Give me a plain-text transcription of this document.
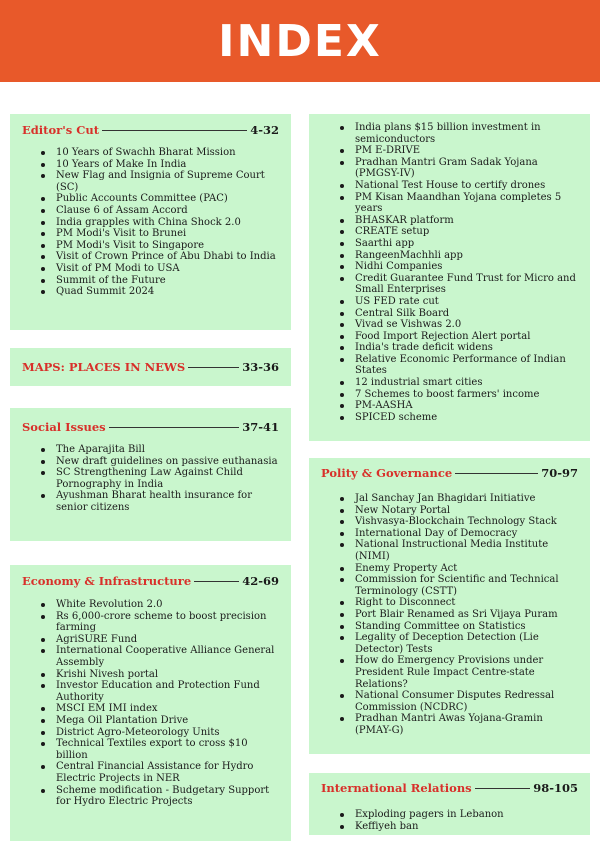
INDEX
Editor's Cut	4-32
10 Years of Swachh Bharat Mission
10 Years of Make In India
New Flag and Insignia of Supreme Court (SC)
Public Accounts Committee (PAC)
Clause 6 of Assam Accord
India grapples with China Shock 2.0
PM Modi's Visit to Brunei
PM Modi's Visit to Singapore
Visit of Crown Prince of Abu Dhabi to India
Visit of PM Modi to USA
Summit of the Future
Quad Summit 2024
MAPS: PLACES IN NEWS	33-36
Social Issues	37-41
The Aparajita Bill
New draft guidelines on passive euthanasia
SC Strengthening Law Against Child Pornography in India
Ayushman Bharat health insurance for senior citizens
Economy & Infrastructure	42-69
White Revolution 2.0
Rs 6,000-crore scheme to boost precision farming
AgriSURE Fund
International Cooperative Alliance General Assembly
Krishi Nivesh portal
Investor Education and Protection Fund Authority
MSCI EM IMI index
Mega Oil Plantation Drive
District Agro-Meteorology Units
Technical Textiles export to cross $10 billion
Central Financial Assistance for Hydro Electric Projects in NER
Scheme modification - Budgetary Support for Hydro Electric Projects
India plans $15 billion investment in semiconductors
PM E-DRIVE
Pradhan Mantri Gram Sadak Yojana (PMGSY-IV)
National Test House to certify drones
PM Kisan Maandhan Yojana completes 5 years
BHASKAR platform
CREATE setup
Saarthi app
RangeenMachhli app
Nidhi Companies
Credit Guarantee Fund Trust for Micro and Small Enterprises
US FED rate cut
Central Silk Board
Vivad se Vishwas 2.0
Food Import Rejection Alert portal
India's trade deficit widens
Relative Economic Performance of Indian States
12 industrial smart cities
7 Schemes to boost farmers' income
PM-AASHA
SPICED scheme
Polity & Governance	70-97
Jal Sanchay Jan Bhagidari Initiative
New Notary Portal
Vishvasya-Blockchain Technology Stack
International Day of Democracy
National Instructional Media Institute (NIMI)
Enemy Property Act
Commission for Scientific and Technical Terminology (CSTT)
Right to Disconnect
Port Blair Renamed as Sri Vijaya Puram
Standing Committee on Statistics
Legality of Deception Detection (Lie Detector) Tests
How do Emergency Provisions under President Rule Impact Centre-state Relations?
National Consumer Disputes Redressal Commission (NCDRC)
Pradhan Mantri Awas Yojana-Gramin (PMAY-G)
International Relations	98-105
Exploding pagers in Lebanon
Keffiyeh ban
